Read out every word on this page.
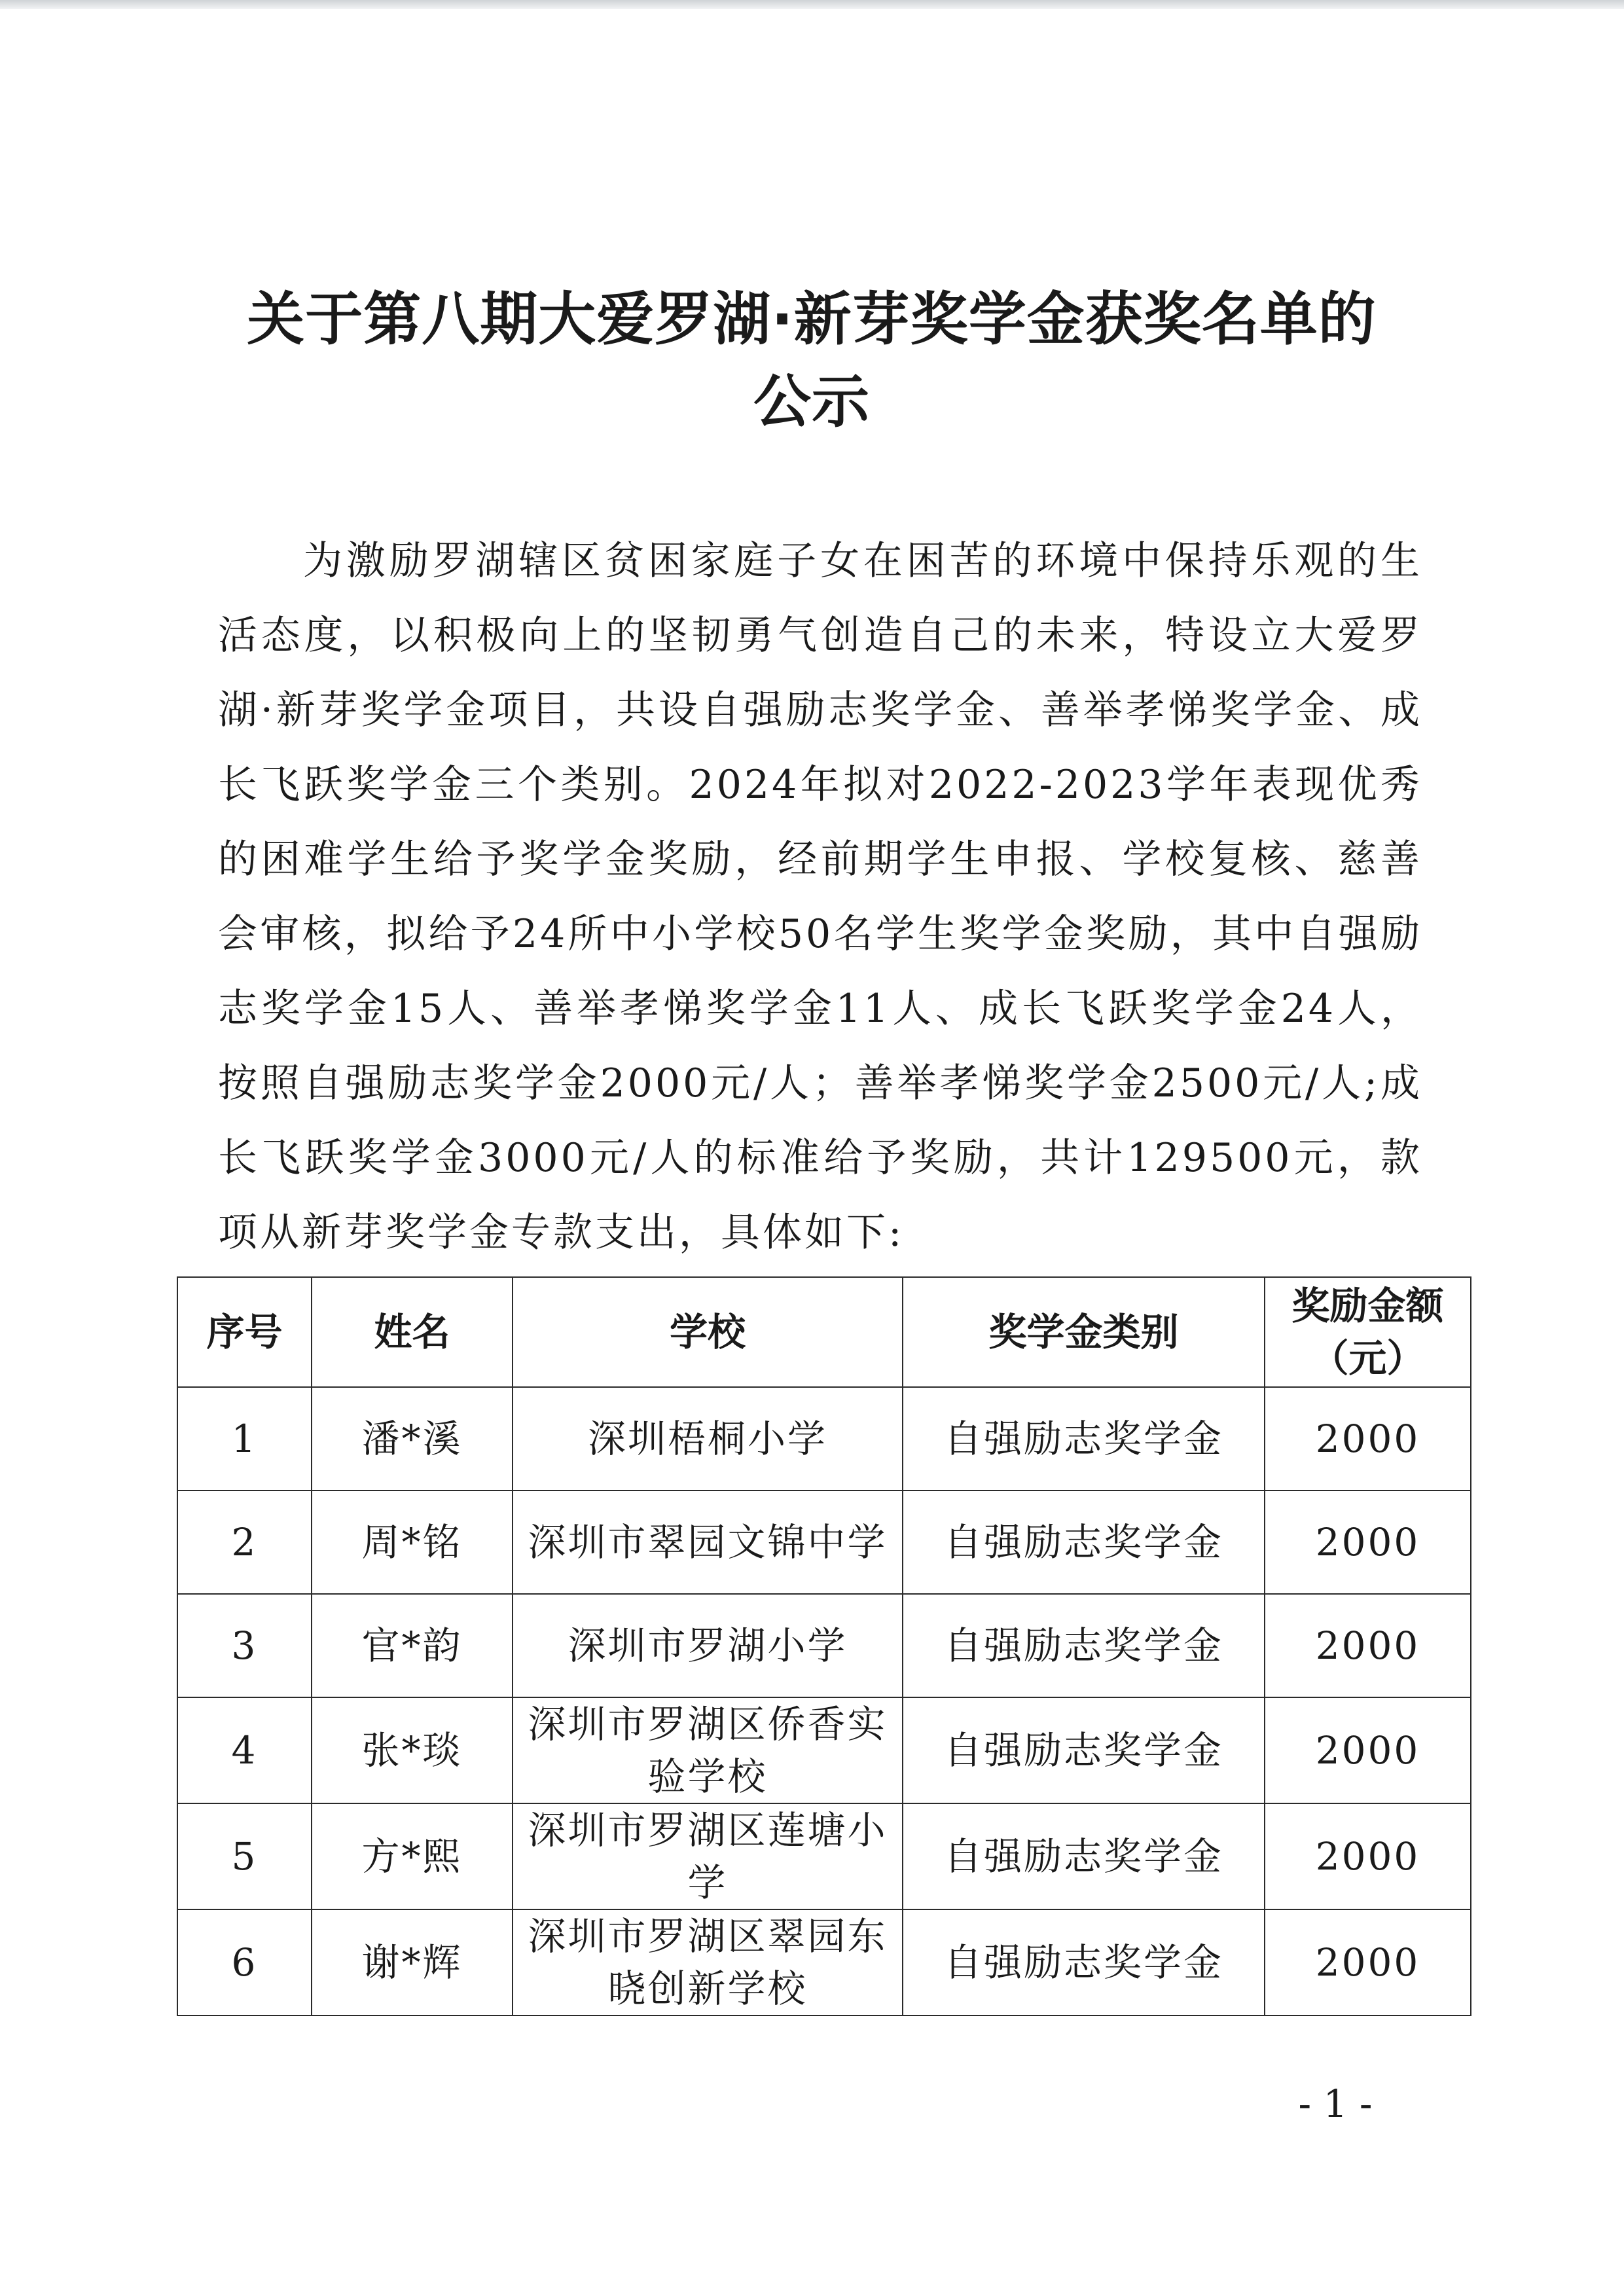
关于第八期大爱罗湖·新芽奖学金获奖名单的
公示

为激励罗湖辖区贫困家庭子女在困苦的环境中保持乐观的生活态度，以积极向上的坚韧勇气创造自己的未来，特设立大爱罗湖·新芽奖学金项目，共设自强励志奖学金、善举孝悌奖学金、成长飞跃奖学金三个类别。2024年拟对2022-2023学年表现优秀的困难学生给予奖学金奖励，经前期学生申报、学校复核、慈善会审核，拟给予24所中小学校50名学生奖学金奖励，其中自强励志奖学金15人、善举孝悌奖学金11人、成长飞跃奖学金24人，按照自强励志奖学金2000元/人；善举孝悌奖学金2500元/人;成长飞跃奖学金3000元/人的标准给予奖励，共计129500元，款项从新芽奖学金专款支出，具体如下:

序号	姓名	学校	奖学金类别	奖励金额
（元）
1	潘*溪	深圳梧桐小学	自强励志奖学金	2000
2	周*铭	深圳市翠园文锦中学	自强励志奖学金	2000
3	官*韵	深圳市罗湖小学	自强励志奖学金	2000
4	张*琰	深圳市罗湖区侨香实验学校	自强励志奖学金	2000
5	方*熙	深圳市罗湖区莲塘小学	自强励志奖学金	2000
6	谢*辉	深圳市罗湖区翠园东晓创新学校	自强励志奖学金	2000
- 1 -
